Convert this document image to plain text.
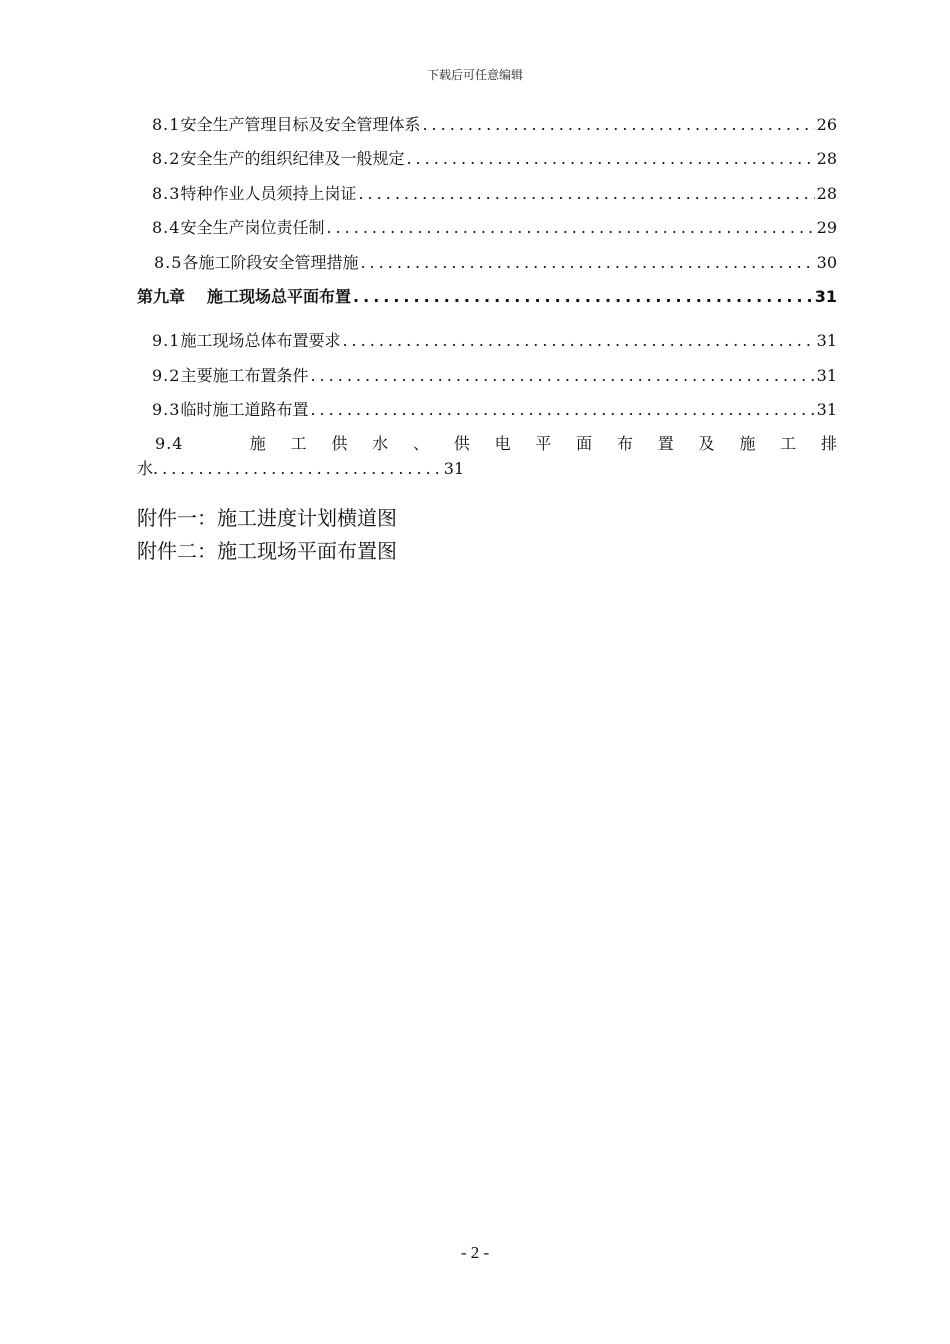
下载后可任意编辑
8.1 安全生产管理目标及安全管理体系 .....	26
8.2 安全生产的组织纪律及一般规定 .....	28
8.3 特种作业人员须持上岗证 .....	28
8.4 安全生产岗位责任制 .....	29
8.5 各施工阶段安全管理措施 .....	30
第九章	施工现场总平面布置 .....	31
9.1 施工现场总体布置要求 .....	31
9.2 主要施工布置条件 .....	31
9.3 临时施工道路布置 .....	31
9.4	施 工 供 水 、 供 电 平 面 布 置 及 施 工 排
水................................31
附件一：施工进度计划横道图
附件二：施工现场平面布置图
- 2 -
